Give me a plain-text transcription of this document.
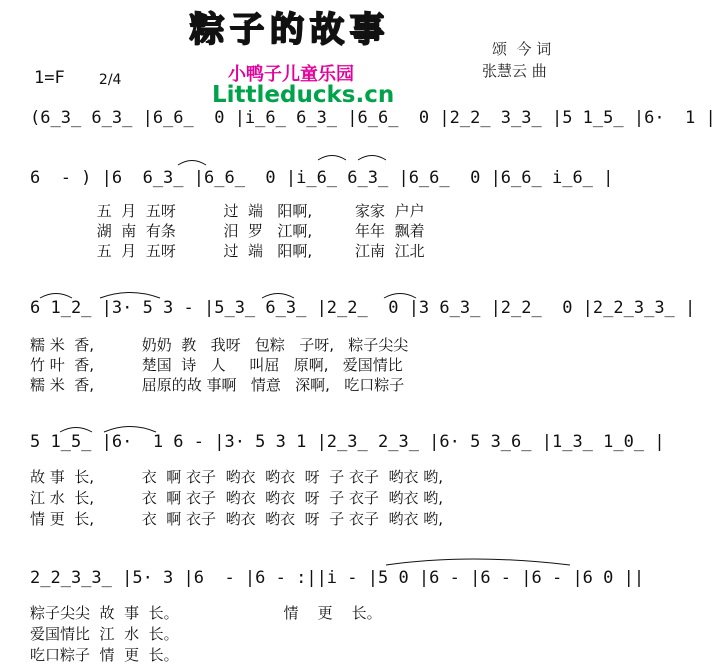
粽子的故事	颂  今 词
张慧云 曲
1=F	2/4	小鸭子儿童乐园
Littleducks.cn
(6̲3̲ 6̲3̲ |6̲6̲  0 |i̲6̲ 6̲3̲ |6̲6̲  0 |2̲2̲ 3̲3̲ |5 1̲5̲ |6·  1 |
6  - ) |6  6̲3̲ |6̲6̲  0 |i̲6̲ 6̲3̲ |6̲6̲  0 |6̲6̲ i̲6̲ |
五  月  五呀          过  端   阳啊,         家家  户户
湖  南  有条          汨  罗   江啊,         年年  飘着
五  月  五呀          过  端   阳啊,         江南  江北
6 1̲2̲ |3· 5 3 - |5̲3̲ 6̲3̲ |2̲2̲  0 |3 6̲3̲ |2̲2̲  0 |2̲2̲3̲3̲ |
糯 米  香,          奶奶  教   我呀   包粽   子呀,   粽子尖尖
竹 叶  香,          楚国  诗   人     叫屈   原啊,   爱国情比
糯 米  香,          屈原的故 事啊   情意   深啊,   吃口粽子
5 1̲5̲ |6·  1 6 - |3· 5 3 1 |2̲3̲ 2̲3̲ |6· 5 3̲6̲ |1̲3̲ 1̲0̲ |
故 事  长,          衣  啊 衣子  哟衣  哟衣  呀  子 衣子  哟衣 哟,
江 水  长,          衣  啊 衣子  哟衣  哟衣  呀  子 衣子  哟衣 哟,
情 更  长,          衣  啊 衣子  哟衣  哟衣  呀  子 衣子  哟衣 哟,
2̲2̲3̲3̲ |5· 3 |6  - |6 - :||i - |5 0 |6 - |6 - |6 - |6 0 ||
粽子尖尖  故  事  长。                      情    更    长。
爱国情比  江  水  长。
吃口粽子  情  更  长。
